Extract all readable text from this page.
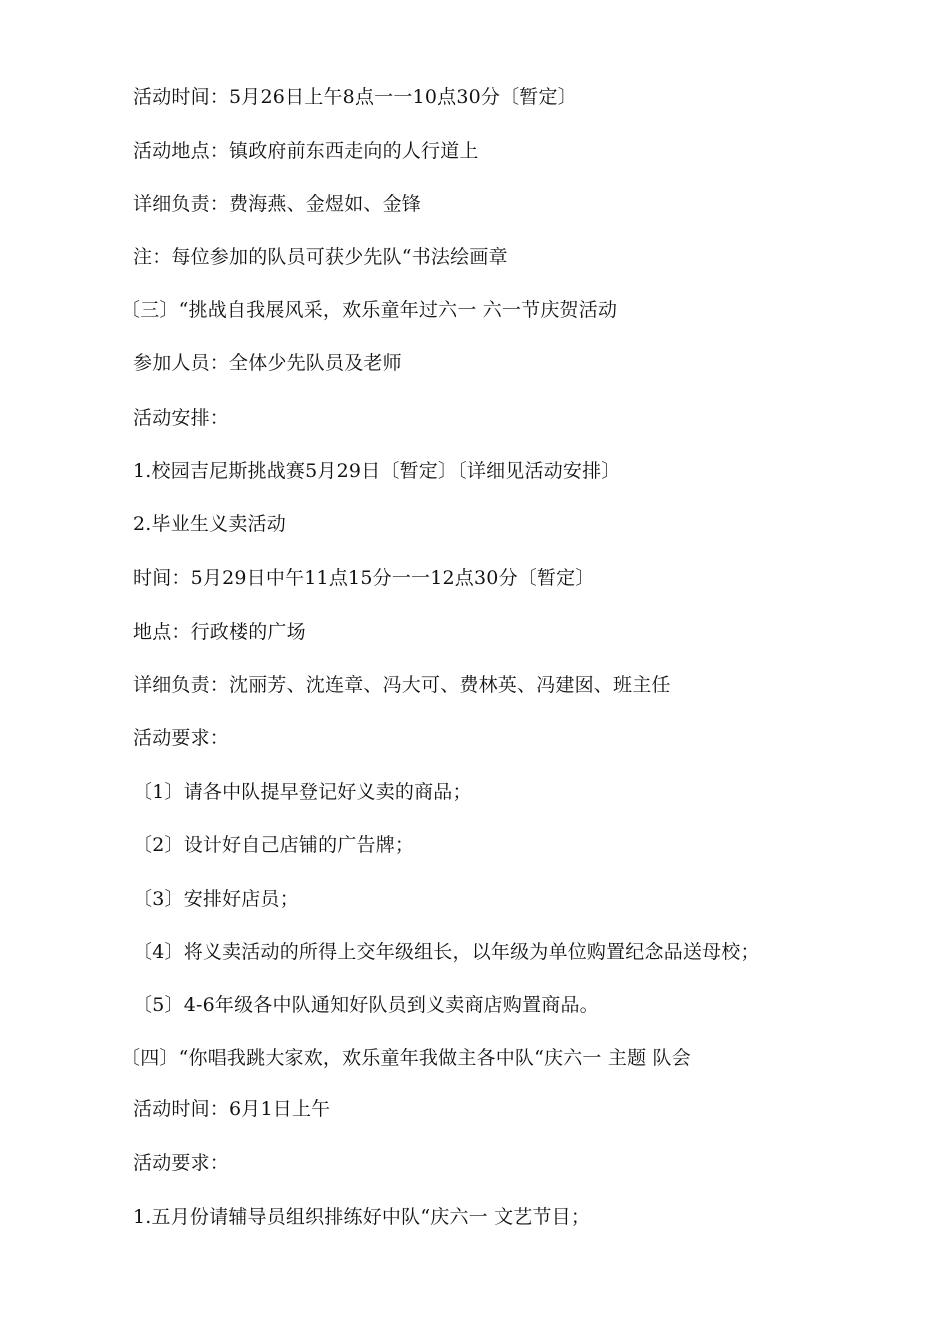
活动时间：5月26日上午8点一一10点30分〔暂定〕
活动地点：镇政府前东西走向的人行道上
详细负责：费海燕、金煜如、金锋
注：每位参加的队员可获少先队“书法绘画章
〔三〕“挑战自我展风采，欢乐童年过六一 六一节庆贺活动
参加人员：全体少先队员及老师
活动安排：
1.校园吉尼斯挑战赛5月29日〔暂定〕〔详细见活动安排〕
2.毕业生义卖活动
时间：5月29日中午11点15分一一12点30分〔暂定〕
地点：行政楼的广场
详细负责：沈丽芳、沈连章、冯大可、费林英、冯建囡、班主任
活动要求：
〔1〕请各中队提早登记好义卖的商品；
〔2〕设计好自己店铺的广告牌；
〔3〕安排好店员；
〔4〕将义卖活动的所得上交年级组长，以年级为单位购置纪念品送母校；
〔5〕4-6年级各中队通知好队员到义卖商店购置商品。
〔四〕“你唱我跳大家欢，欢乐童年我做主各中队“庆六一 主题 队会
活动时间：6月1日上午
活动要求：
1.五月份请辅导员组织排练好中队“庆六一 文艺节目；
